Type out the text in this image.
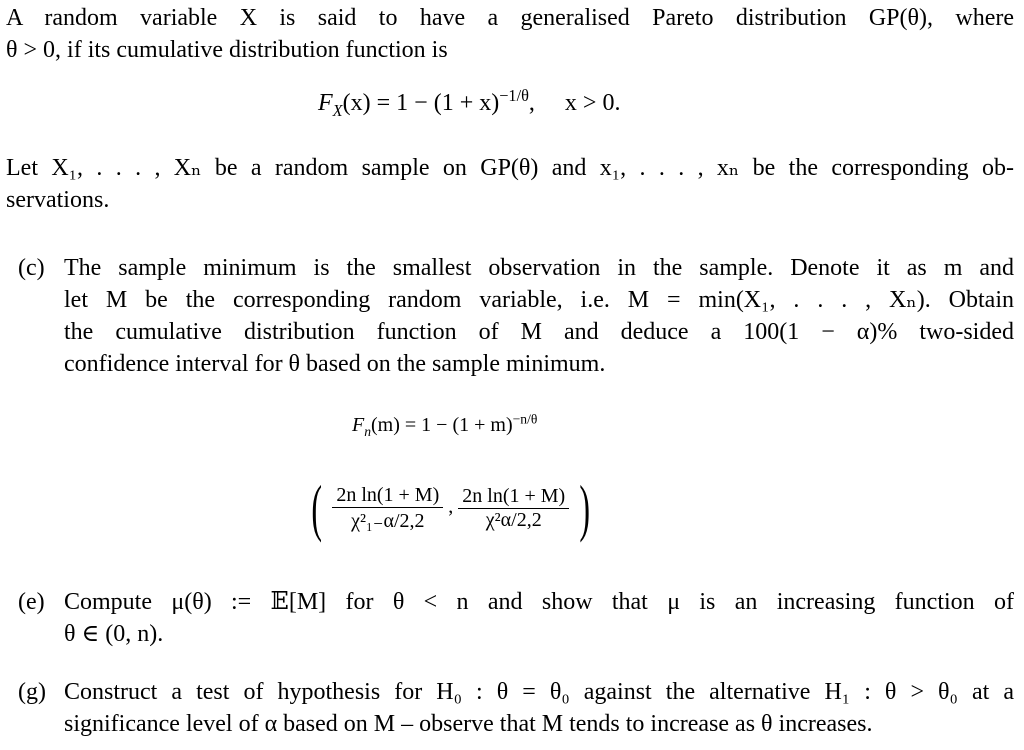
A random variable X is said to have a generalised Pareto distribution GP(θ), where
θ > 0, if its cumulative distribution function is
$F_X(x) = 1 - (1 + x)^{-1/\theta}$,     x > 0.
Let X₁, . . . , Xₙ be a random sample on GP(θ) and x₁, . . . , xₙ be the corresponding ob-
servations.
(c) The sample minimum is the smallest observation in the sample. Denote it as m and
let M be the corresponding random variable, i.e. M = min(X₁, . . . , Xₙ). Obtain
the cumulative distribution function of M and deduce a 100(1 − α)% two-sided
confidence interval for θ based on the sample minimum.
$F_n(m) = 1 - (1 + m)^{-n/\theta}$
( $\frac{\text{2n ln(1 + M)}}{\text{χ²₁₋α/2,2}}$ , $\frac{\text{2n ln(1 + M)}}{\text{χ²α/2,2}}$ )
(e) Compute μ(θ) := 𝔼[M] for θ < n and show that μ is an increasing function of
θ ∈ (0, n).
(g) Construct a test of hypothesis for H₀ : θ = θ₀ against the alternative H₁ : θ > θ₀ at a
significance level of α based on M – observe that M tends to increase as θ increases.
